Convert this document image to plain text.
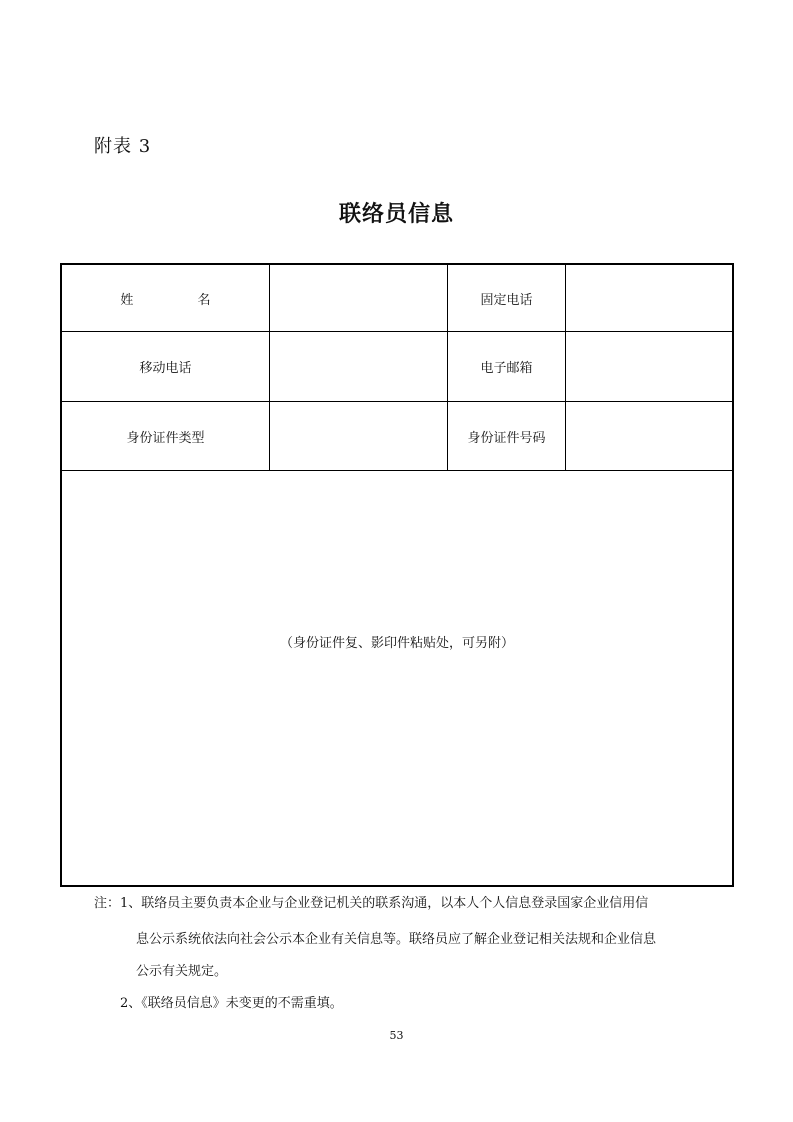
附表 3
联络员信息
姓 名	固定电话
移动电话	电子邮箱
身份证件类型	身份证件号码
（身份证件复、影印件粘贴处，可另附）
注：1、联络员主要负责本企业与企业登记机关的联系沟通，以本人个人信息登录国家企业信用信
息公示系统依法向社会公示本企业有关信息等。联络员应了解企业登记相关法规和企业信息
公示有关规定。
2、《联络员信息》未变更的不需重填。
53
